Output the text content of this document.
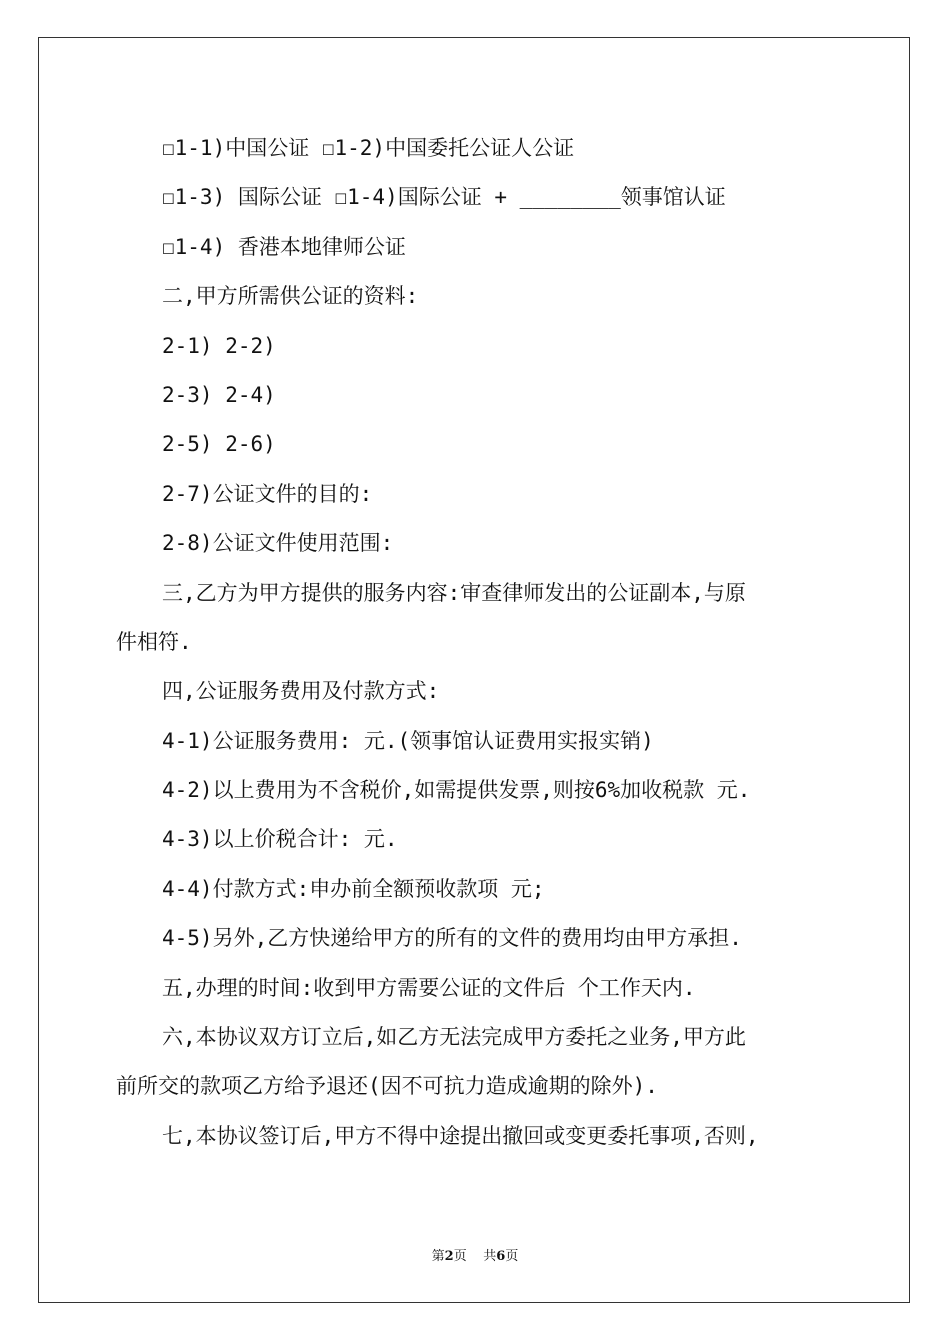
☐1-1)中国公证 ☐1-2)中国委托公证人公证
☐1-3) 国际公证 ☐1-4)国际公证 + ________领事馆认证
☐1-4) 香港本地律师公证
二,甲方所需供公证的资料:
2-1) 2-2)
2-3) 2-4)
2-5) 2-6)
2-7)公证文件的目的:
2-8)公证文件使用范围:
三,乙方为甲方提供的服务内容:审查律师发出的公证副本,与原
件相符.
四,公证服务费用及付款方式:
4-1)公证服务费用: 元.(领事馆认证费用实报实销)
4-2)以上费用为不含税价,如需提供发票,则按6%加收税款 元.
4-3)以上价税合计: 元.
4-4)付款方式:申办前全额预收款项 元;
4-5)另外,乙方快递给甲方的所有的文件的费用均由甲方承担.
五,办理的时间:收到甲方需要公证的文件后 个工作天内.
六,本协议双方订立后,如乙方无法完成甲方委托之业务,甲方此
前所交的款项乙方给予退还(因不可抗力造成逾期的除外).
七,本协议签订后,甲方不得中途提出撤回或变更委托事项,否则,
第2页 共6页
